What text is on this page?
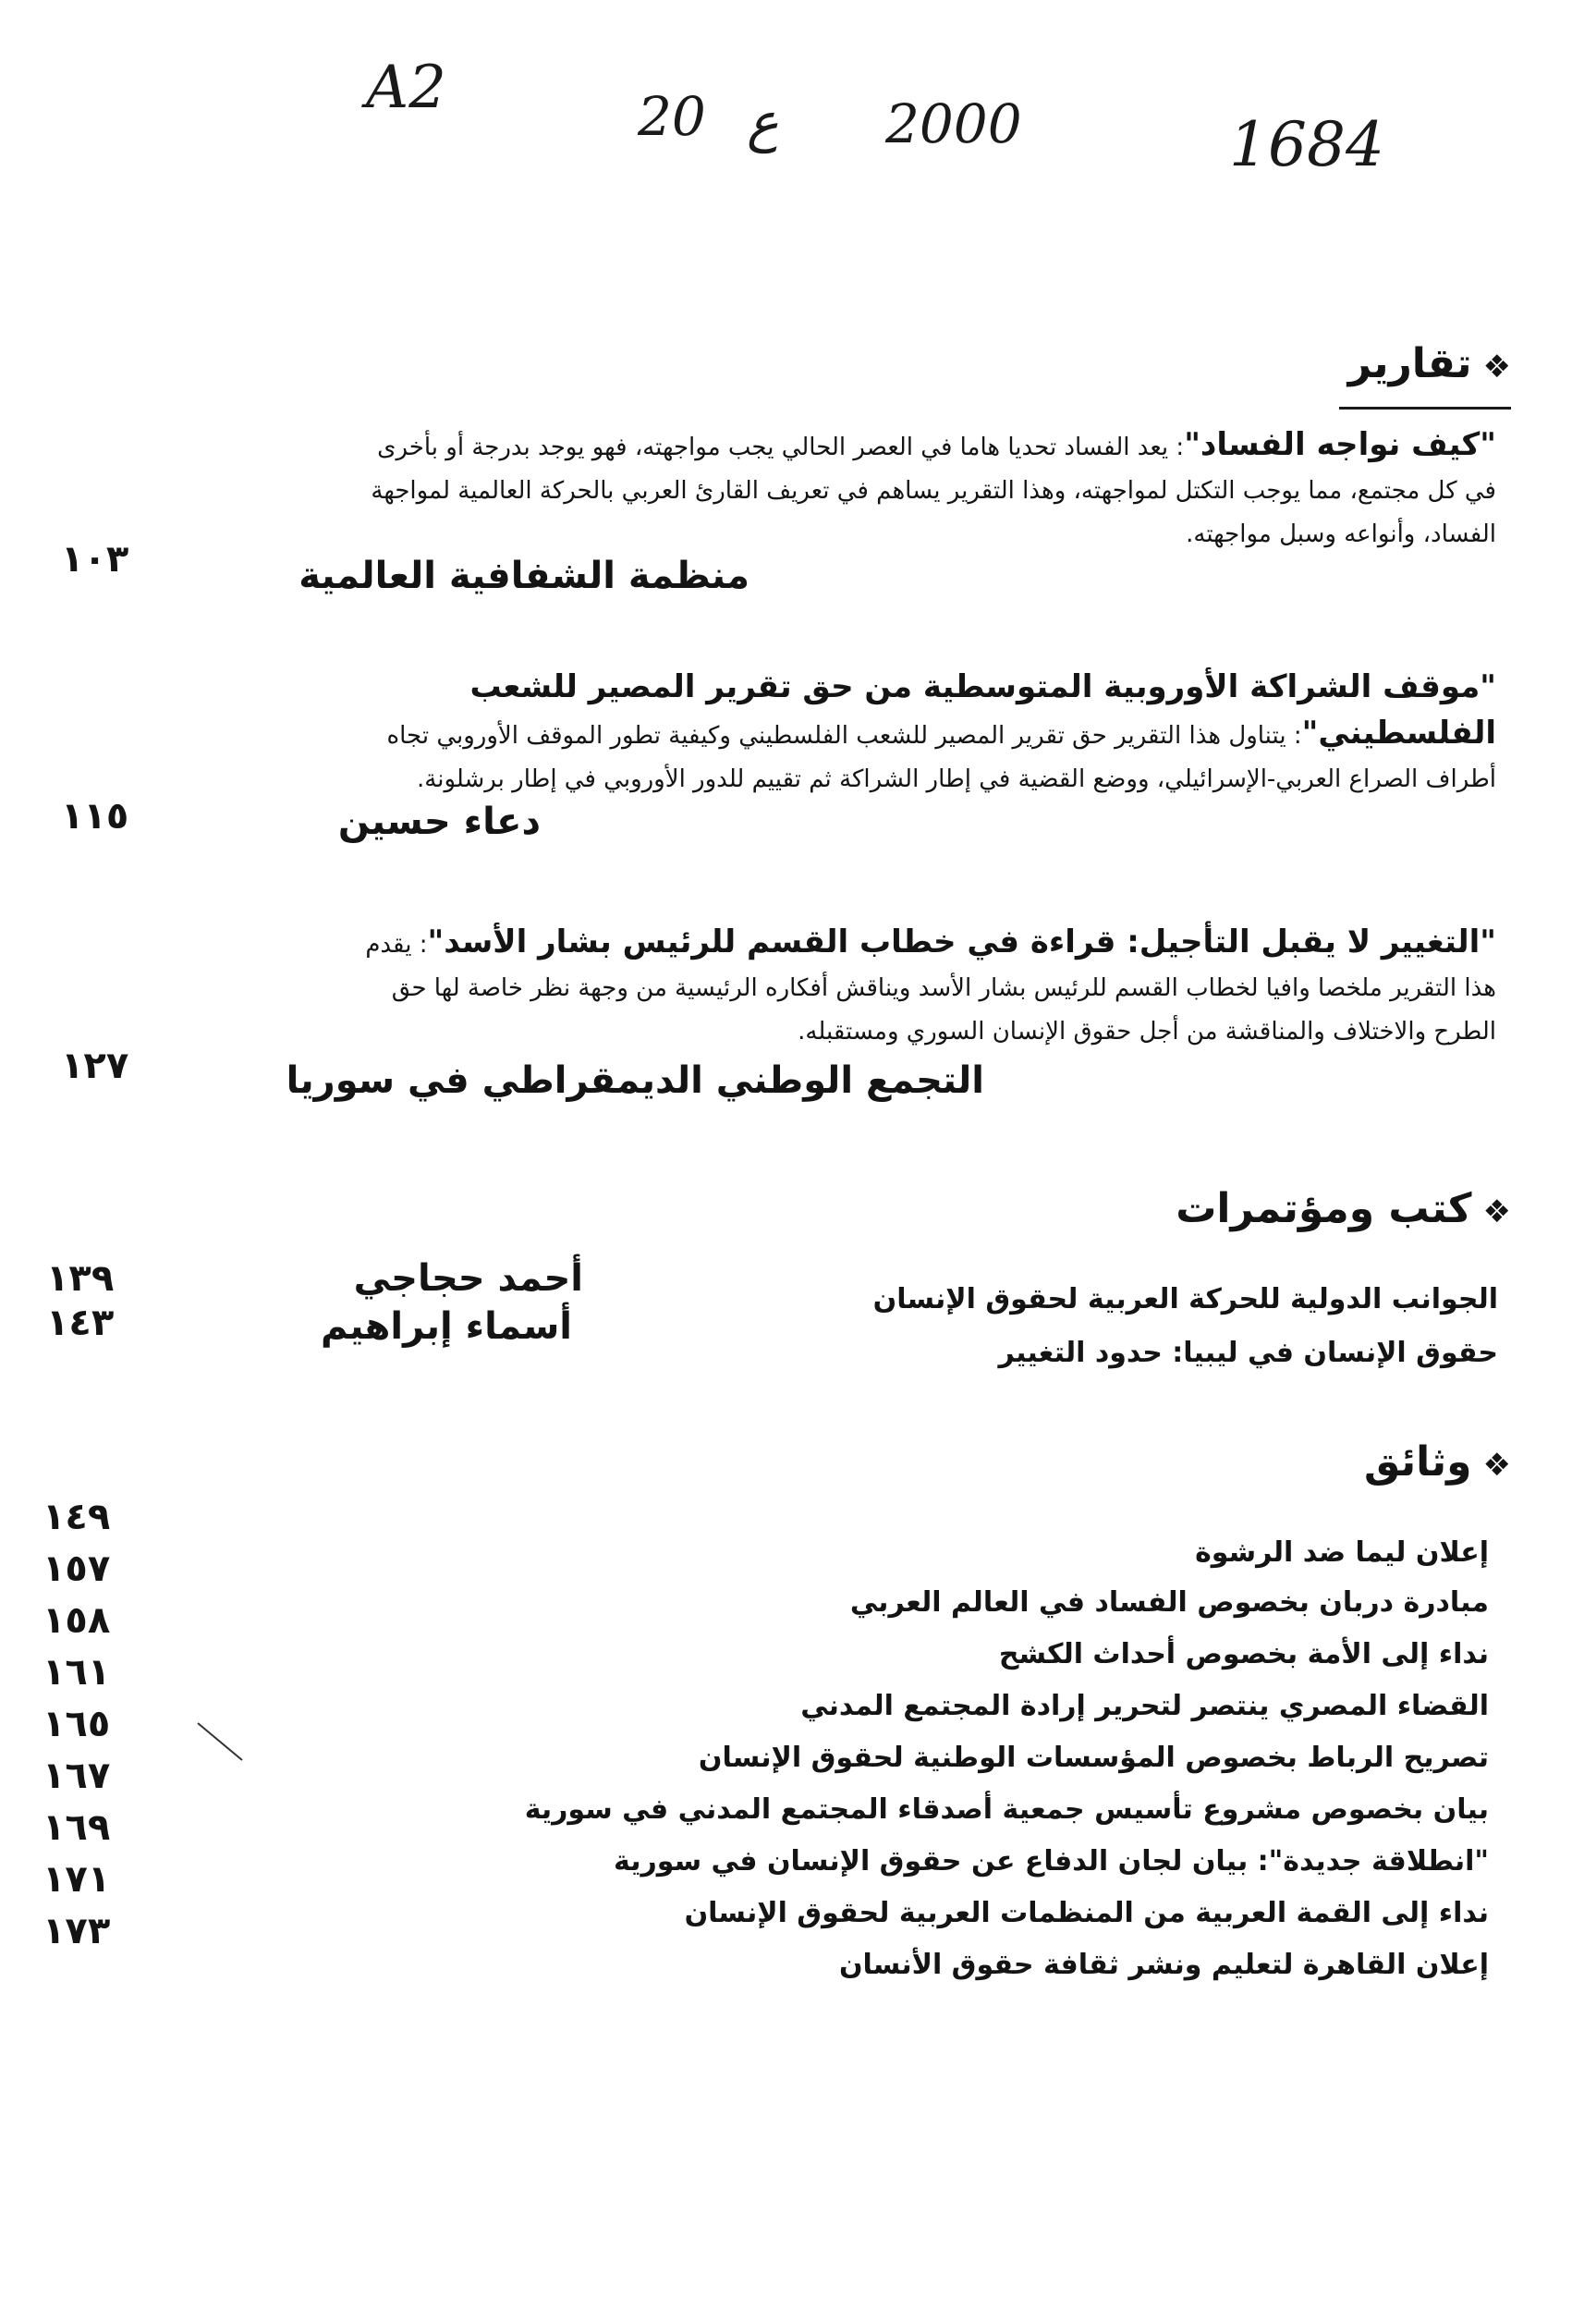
A2	20 ع 2000	1684
❖تقارير
"كيف نواجه الفساد": يعد الفساد تحديا هاما في العصر الحالي يجب مواجهته، فهو يوجد بدرجة أو بأخرى في كل مجتمع، مما يوجب التكتل لمواجهته، وهذا التقرير يساهم في تعريف القارئ العربي بالحركة العالمية لمواجهة الفساد، وأنواعه وسبل مواجهته.
منظمة الشفافية العالمية
١٠٣
"موقف الشراكة الأوروبية المتوسطية من حق تقرير المصير للشعب الفلسطيني": يتناول هذا التقرير حق تقرير المصير للشعب الفلسطيني وكيفية تطور الموقف الأوروبي تجاه أطراف الصراع العربي-الإسرائيلي، ووضع القضية في إطار الشراكة ثم تقييم للدور الأوروبي في إطار برشلونة.
دعاء حسين
١١٥
"التغيير لا يقبل التأجيل: قراءة في خطاب القسم للرئيس بشار الأسد": يقدم هذا التقرير ملخصا وافيا لخطاب القسم للرئيس بشار الأسد ويناقش أفكاره الرئيسية من وجهة نظر خاصة لها حق الطرح والاختلاف والمناقشة من أجل حقوق الإنسان السوري ومستقبله.
التجمع الوطني الديمقراطي في سوريا
١٢٧
❖كتب ومؤتمرات
الجوانب الدولية للحركة العربية لحقوق الإنسان
أحمد حجاجي
١٣٩
حقوق الإنسان في ليبيا: حدود التغيير
أسماء إبراهيم
١٤٣
❖وثائق
إعلان ليما ضد الرشوة
مبادرة دربان بخصوص الفساد في العالم العربي
نداء إلى الأمة بخصوص أحداث الكشح
القضاء المصري ينتصر لتحرير إرادة المجتمع المدني
تصريح الرباط بخصوص المؤسسات الوطنية لحقوق الإنسان
بيان بخصوص مشروع تأسيس جمعية أصدقاء المجتمع المدني في سورية
"انطلاقة جديدة": بيان لجان الدفاع عن حقوق الإنسان في سورية
نداء إلى القمة العربية من المنظمات العربية لحقوق الإنسان
إعلان القاهرة لتعليم ونشر ثقافة حقوق الأنسان
١٤٩
١٥٧
١٥٨
١٦١
١٦٥
١٦٧
١٦٩
١٧١
١٧٣
